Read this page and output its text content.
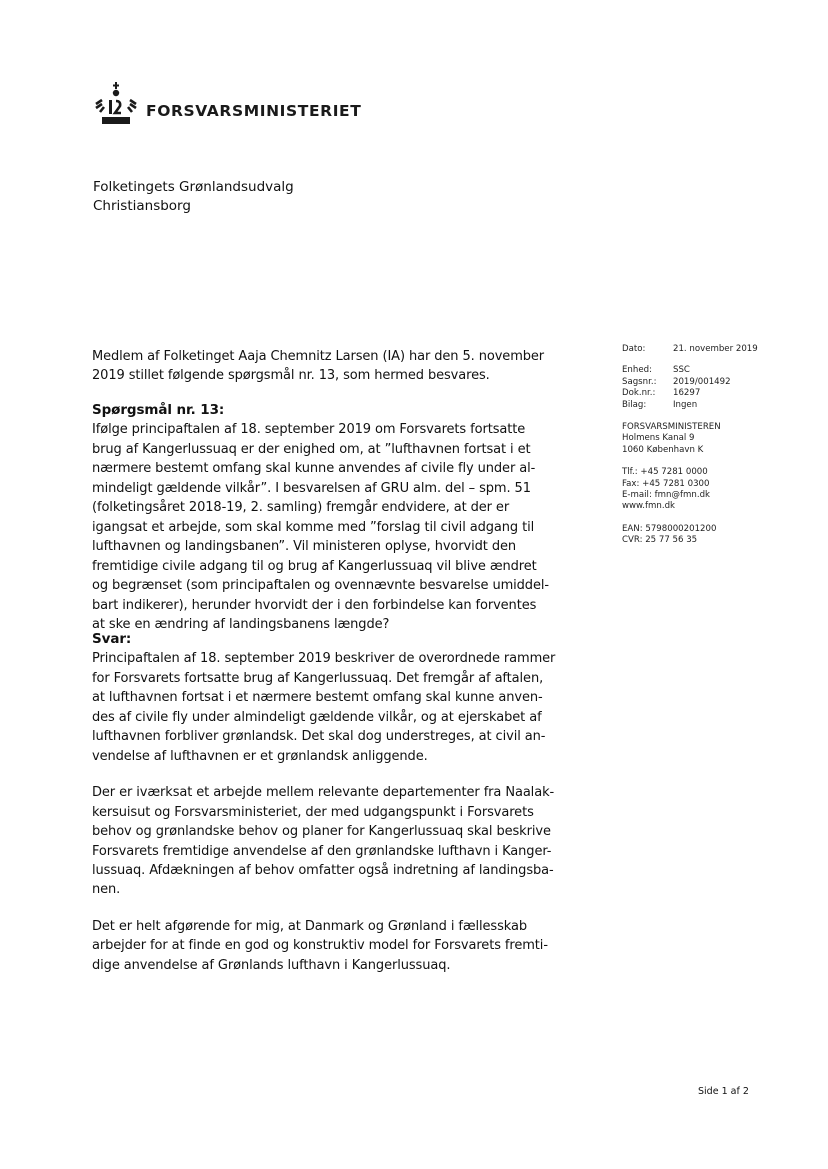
FORSVARSMINISTERIET
Folketingets Grønlandsudvalg
Christiansborg
Medlem af Folketinget Aaja Chemnitz Larsen (IA) har den 5. november
2019 stillet følgende spørgsmål nr. 13, som hermed besvares.
Spørgsmål nr. 13:
Ifølge principaftalen af 18. september 2019 om Forsvarets fortsatte
brug af Kangerlussuaq er der enighed om, at ”lufthavnen fortsat i et
nærmere bestemt omfang skal kunne anvendes af civile fly under al-
mindeligt gældende vilkår”. I besvarelsen af GRU alm. del – spm. 51
(folketingsåret 2018-19, 2. samling) fremgår endvidere, at der er
igangsat et arbejde, som skal komme med ”forslag til civil adgang til
lufthavnen og landingsbanen”. Vil ministeren oplyse, hvorvidt den
fremtidige civile adgang til og brug af Kangerlussuaq vil blive ændret
og begrænset (som principaftalen og ovennævnte besvarelse umiddel-
bart indikerer), herunder hvorvidt der i den forbindelse kan forventes
at ske en ændring af landingsbanens længde?
Svar:
Principaftalen af 18. september 2019 beskriver de overordnede rammer
for Forsvarets fortsatte brug af Kangerlussuaq. Det fremgår af aftalen,
at lufthavnen fortsat i et nærmere bestemt omfang skal kunne anven-
des af civile fly under almindeligt gældende vilkår, og at ejerskabet af
lufthavnen forbliver grønlandsk. Det skal dog understreges, at civil an-
vendelse af lufthavnen er et grønlandsk anliggende.
Der er iværksat et arbejde mellem relevante departementer fra Naalak-
kersuisut og Forsvarsministeriet, der med udgangspunkt i Forsvarets
behov og grønlandske behov og planer for Kangerlussuaq skal beskrive
Forsvarets fremtidige anvendelse af den grønlandske lufthavn i Kanger-
lussuaq. Afdækningen af behov omfatter også indretning af landingsba-
nen.
Det er helt afgørende for mig, at Danmark og Grønland i fællesskab
arbejder for at finde en god og konstruktiv model for Forsvarets fremti-
dige anvendelse af Grønlands lufthavn i Kangerlussuaq.
Dato:	21. november 2019
Enhed:	SSC
Sagsnr.:	2019/001492
Dok.nr.:	16297
Bilag:	Ingen
FORSVARSMINISTEREN
Holmens Kanal 9
1060 København K
Tlf.: +45 7281 0000
Fax: +45 7281 0300
E-mail: fmn@fmn.dk
www.fmn.dk
EAN: 5798000201200
CVR: 25 77 56 35
Side 1 af 2
